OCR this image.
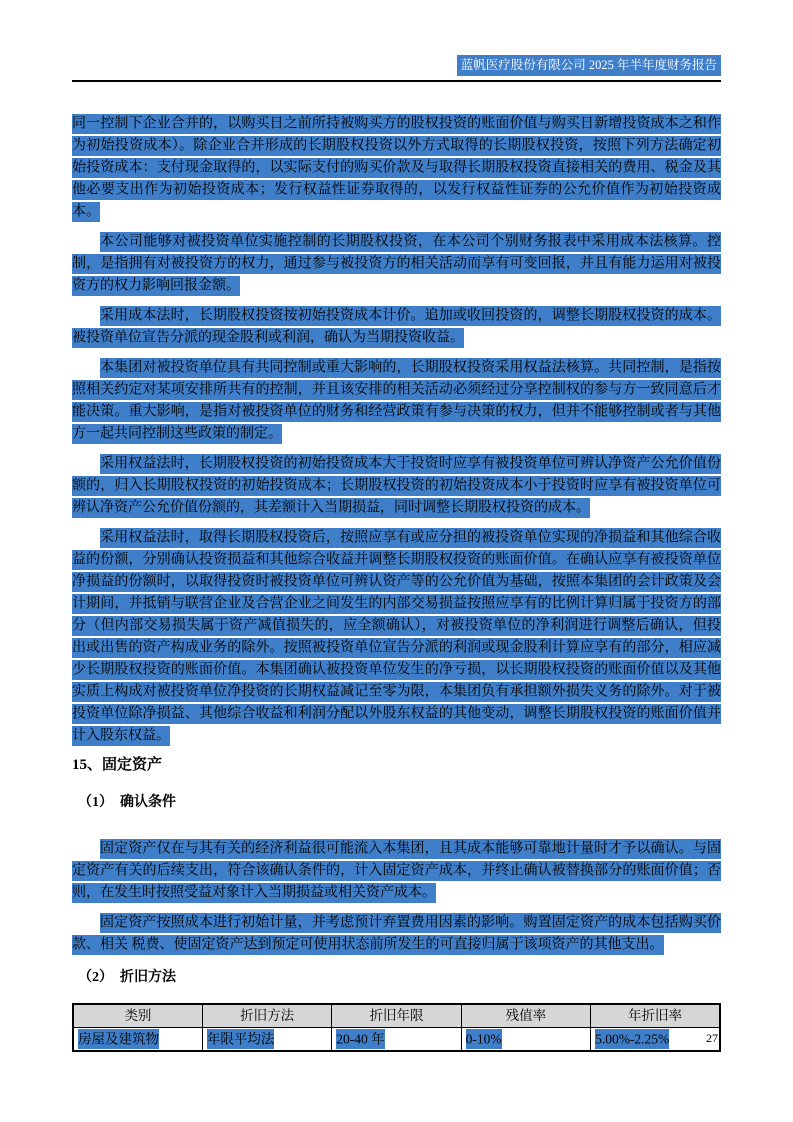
蓝帆医疗股份有限公司 2025 年半年度财务报告

同一控制下企业合并的，以购买日之前所持被购买方的股权投资的账面价值与购买日新增投资成本之和作为初始投资成本）。除企业合并形成的长期股权投资以外方式取得的长期股权投资，按照下列方法确定初始投资成本：支付现金取得的，以实际支付的购买价款及与取得长期股权投资直接相关的费用、税金及其他必要支出作为初始投资成本；发行权益性证券取得的，以发行权益性证券的公允价值作为初始投资成本。

本公司能够对被投资单位实施控制的长期股权投资，在本公司个别财务报表中采用成本法核算。控制，是指拥有对被投资方的权力，通过参与被投资方的相关活动而享有可变回报，并且有能力运用对被投资方的权力影响回报金额。

采用成本法时，长期股权投资按初始投资成本计价。追加或收回投资的，调整长期股权投资的成本。被投资单位宣告分派的现金股利或利润，确认为当期投资收益。

本集团对被投资单位具有共同控制或重大影响的，长期股权投资采用权益法核算。共同控制，是指按照相关约定对某项安排所共有的控制，并且该安排的相关活动必须经过分享控制权的参与方一致同意后才能决策。重大影响，是指对被投资单位的财务和经营政策有参与决策的权力，但并不能够控制或者与其他方一起共同控制这些政策的制定。

采用权益法时，长期股权投资的初始投资成本大于投资时应享有被投资单位可辨认净资产公允价值份额的，归入长期股权投资的初始投资成本；长期股权投资的初始投资成本小于投资时应享有被投资单位可辨认净资产公允价值份额的，其差额计入当期损益，同时调整长期股权投资的成本。

采用权益法时，取得长期股权投资后，按照应享有或应分担的被投资单位实现的净损益和其他综合收益的份额，分别确认投资损益和其他综合收益并调整长期股权投资的账面价值。在确认应享有被投资单位净损益的份额时，以取得投资时被投资单位可辨认资产等的公允价值为基础，按照本集团的会计政策及会计期间，并抵销与联营企业及合营企业之间发生的内部交易损益按照应享有的比例计算归属于投资方的部分（但内部交易损失属于资产减值损失的，应全额确认），对被投资单位的净利润进行调整后确认，但投出或出售的资产构成业务的除外。按照被投资单位宣告分派的利润或现金股利计算应享有的部分，相应减少长期股权投资的账面价值。本集团确认被投资单位发生的净亏损，以长期股权投资的账面价值以及其他实质上构成对被投资单位净投资的长期权益减记至零为限，本集团负有承担额外损失义务的除外。对于被投资单位除净损益、其他综合收益和利润分配以外股东权益的其他变动，调整长期股权投资的账面价值并计入股东权益。

15、固定资产
（1）　确认条件

固定资产仅在与其有关的经济利益很可能流入本集团，且其成本能够可靠地计量时才予以确认。与固定资产有关的后续支出，符合该确认条件的，计入固定资产成本，并终止确认被替换部分的账面价值；否则，在发生时按照受益对象计入当期损益或相关资产成本。

固定资产按照成本进行初始计量，并考虑预计弃置费用因素的影响。购置固定资产的成本包括购买价款、相关 税费、使固定资产达到预定可使用状态前所发生的可直接归属于该项资产的其他支出。

（2）　折旧方法
类别	折旧方法	折旧年限	残值率	年折旧率
房屋及建筑物	年限平均法	20-40 年	0-10%	5.00%-2.25%	27
